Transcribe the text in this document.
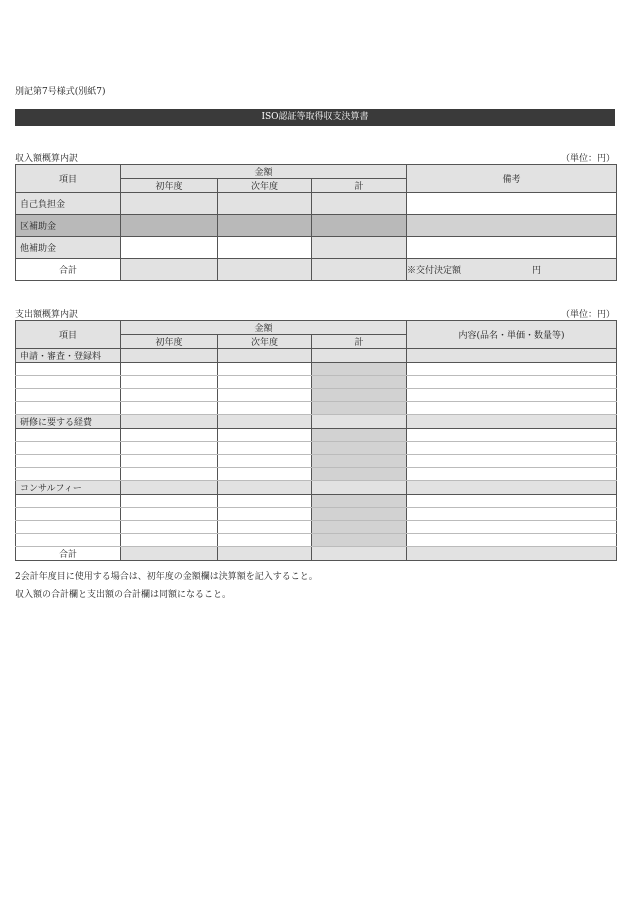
別記第7号様式(別紙7)
ISO認証等取得収支決算書
収入額概算内訳	（単位：円）
項目	金額			備考
	初年度	次年度	計	
自己負担金				
区補助金				
他補助金				
合計				※交付決定額 円
支出額概算内訳	（単位：円）
項目	金額			内容(品名・単価・数量等)
	初年度	次年度	計	
申請・審査・登録料				

研修に要する経費				

コンサルフィー				

合計				
2会計年度目に使用する場合は、初年度の金額欄は決算額を記入すること。
収入額の合計欄と支出額の合計欄は同額になること。
